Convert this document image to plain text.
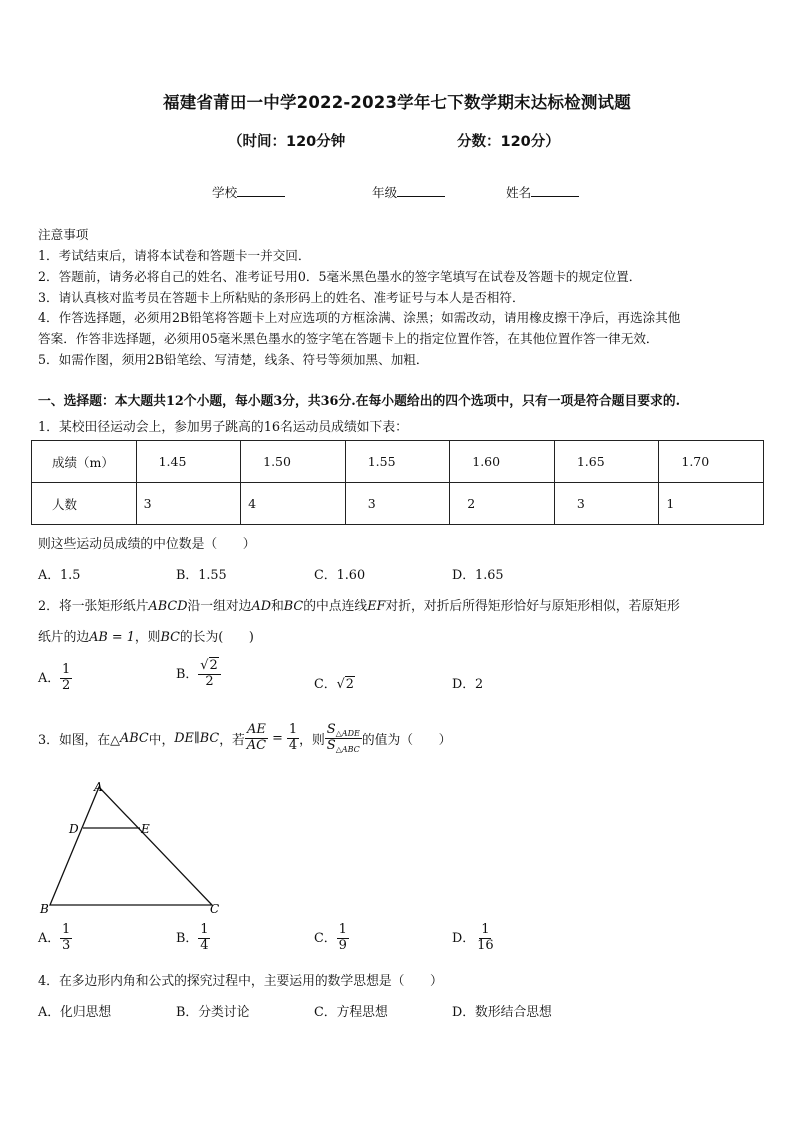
福建省莆田一中学2022-2023学年七下数学期末达标检测试题
（时间：120分钟	分数：120分）
学校	年级	姓名
注意事项
1．考试结束后，请将本试卷和答题卡一并交回．
2．答题前，请务必将自己的姓名、准考证号用0．5毫米黑色墨水的签字笔填写在试卷及答题卡的规定位置．
3．请认真核对监考员在答题卡上所粘贴的条形码上的姓名、准考证号与本人是否相符．
4．作答选择题，必须用2B铅笔将答题卡上对应选项的方框涂满、涂黑；如需改动，请用橡皮擦干净后，再选涂其他
答案．作答非选择题，必须用05毫米黑色墨水的签字笔在答题卡上的指定位置作答，在其他位置作答一律无效．
5．如需作图，须用2B铅笔绘、写清楚，线条、符号等须加黑、加粗．
一、选择题：本大题共12个小题，每小题3分，共36分.在每小题给出的四个选项中，只有一项是符合题目要求的.
1．某校田径运动会上，参加男子跳高的16名运动员成绩如下表：
成绩（m）	1.45	1.50	1.55	1.60	1.65	1.70
人数	3	4	3	2	3	1
则这些运动员成绩的中位数是（　　）
A．1.5	B．1.55	C．1.60	D．1.65
2．将一张矩形纸片ABCD沿一组对边AD和BC的中点连线EF对折，对折后所得矩形恰好与原矩形相似，若原矩形
纸片的边AB = 1，则BC的长为(　　)
A． $\frac{1}{2}$	B． $\frac{√2}{2}$	C．√2	D．2
3．如图，在△ ABC 中， DE∥BC ，若 $\frac{AE}{AC} = \frac{1}{4}$ ，则 $\frac{S_{\triangle ADE}}{S_{\triangle ABC}}$ 的值为（　　）
A
D	E
B	C
A． $\frac{1}{3}$	B． $\frac{1}{4}$	C． $\frac{1}{9}$	D． $\frac{1}{16}$
4．在多边形内角和公式的探究过程中，主要运用的数学思想是（　　）
A．化归思想	B．分类讨论	C．方程思想	D．数形结合思想
